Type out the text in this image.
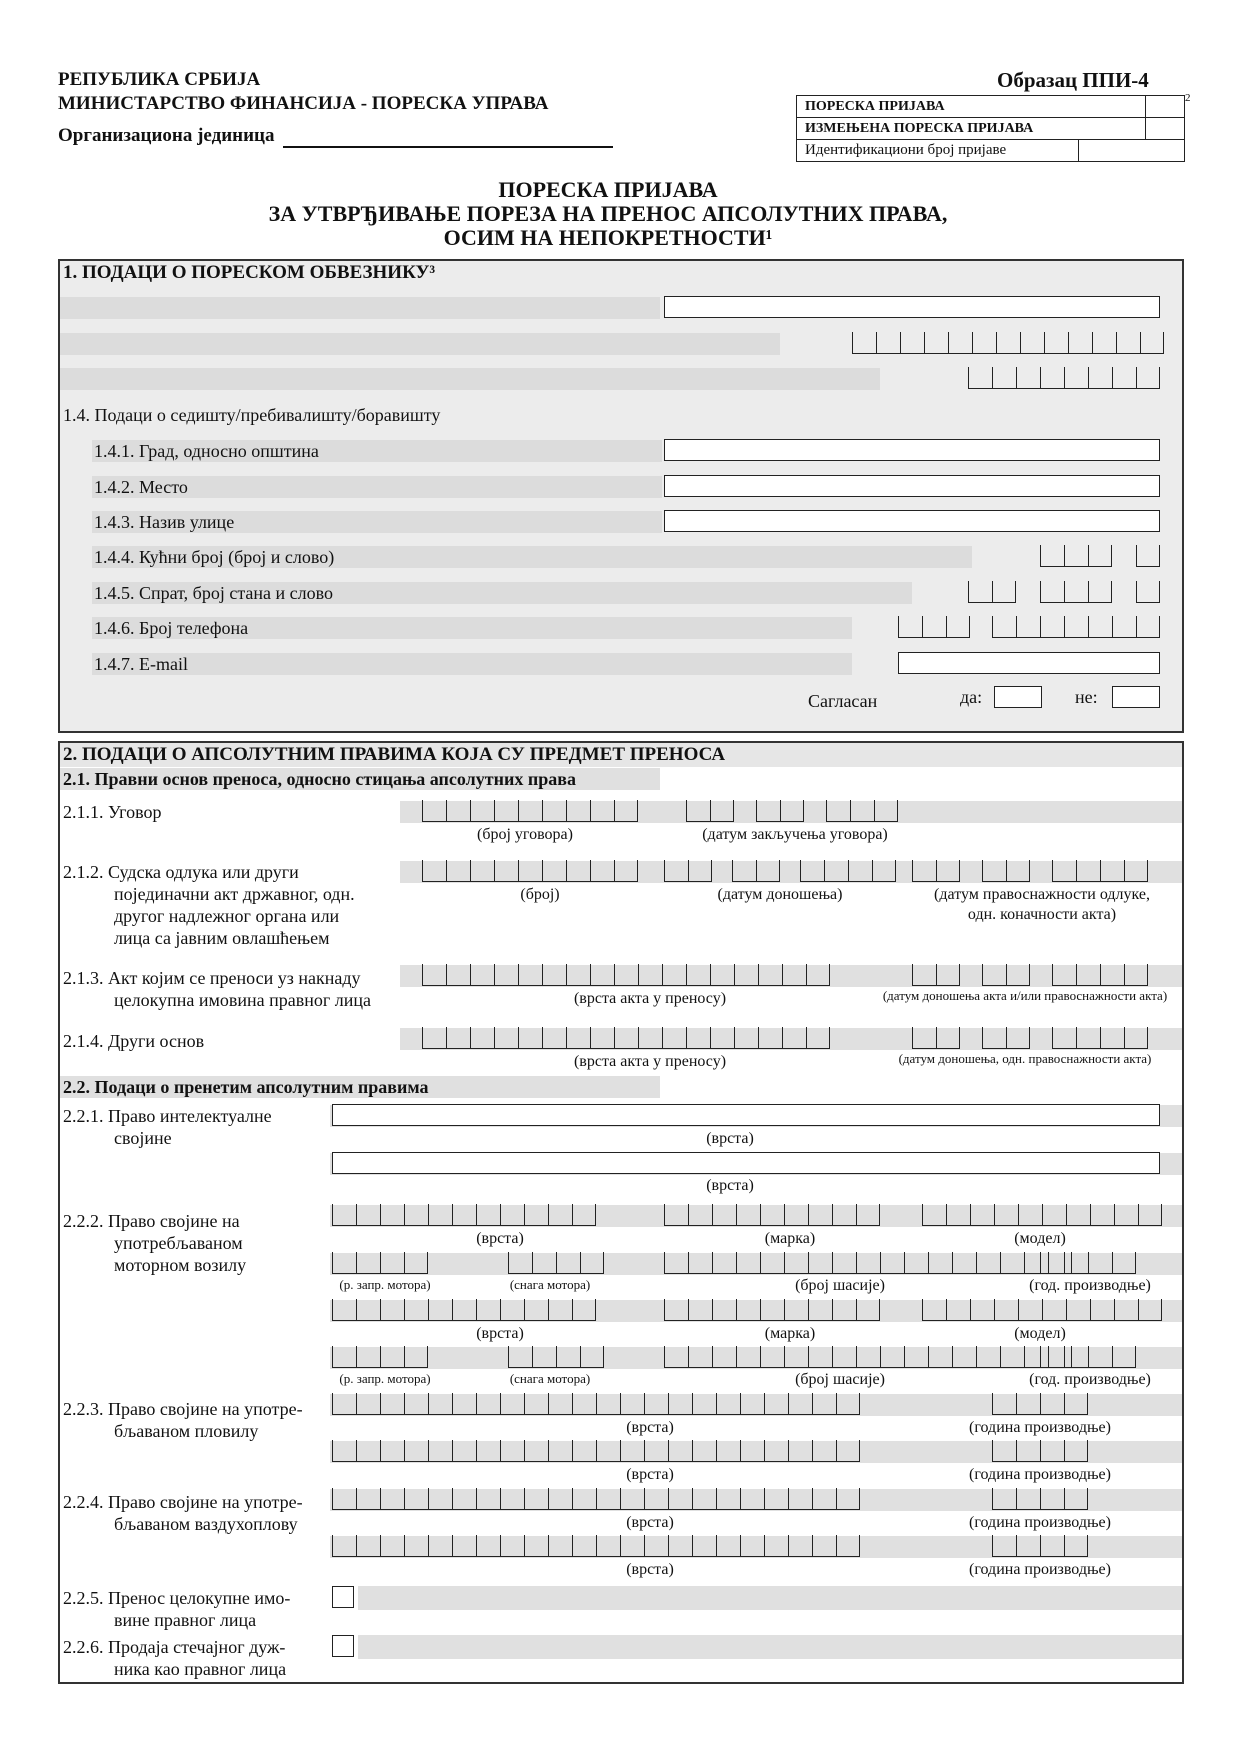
РЕПУБЛИКА СРБИЈА
МИНИСТАРСТВО ФИНАНСИЈА - ПОРЕСКА УПРАВА
Организациона јединица
Образац ППИ-4
2
ПОРЕСКА ПРИЈАВА
ИЗМЕЊЕНА ПОРЕСКА ПРИЈАВА
Идентификациони број пријаве
ПОРЕСКА ПРИЈАВА
ЗА УТВРЂИВАЊЕ ПОРЕЗА НА ПРЕНОС АПСОЛУТНИХ ПРАВА,
ОСИМ НА НЕПОКРЕТНОСТИ¹
1. ПОДАЦИ О ПОРЕСКОМ ОБВЕЗНИКУ³
1.4. Подаци о седишту/пребивалишту/боравишту
1.4.1. Град, односно општина
1.4.2. Место
1.4.3. Назив улице
1.4.4. Кућни број (број и слово)
1.4.5. Спрат, број стана и слово
1.4.6. Број телефона
1.4.7. E-mail
Сагласан	да:	не:
2. ПОДАЦИ О АПСОЛУТНИМ ПРАВИМА КОЈА СУ ПРЕДМЕТ ПРЕНОСА
2.1. Правни основ преноса, односно стицања апсолутних права
2.1.1. Уговор
(број уговора)	(датум закључења уговора)
2.1.2. Судска одлука или други
појединачни акт државног, одн.
другог надлежног органа или
лица са јавним овлашћењем
(број)	(датум доношења)	(датум правоснажности одлуке,
одн. коначности акта)
2.1.3. Акт којим се преноси уз накнаду
целокупна имовина правног лица	(врста акта у преносу)	(датум доношења акта и/или правоснажности акта)
2.1.4. Други основ
(врста акта у преносу)	(датум доношења, одн. правоснажности акта)
2.2. Подаци о пренетим апсолутним правима
2.2.1. Право интелектуалне
својине	(врста)
(врста)
2.2.2. Право својине на
употребљаваном
моторном возилу
(врста)	(марка)	(модел)
(р. запр. мотора)	(снага мотора)	(број шасије)	(год. производње)
(врста)	(марка)	(модел)
(р. запр. мотора)	(снага мотора)	(број шасије)	(год. производње)
2.2.3. Право својине на употре-
бљаваном пловилу	(врста)	(година производње)
(врста)	(година производње)
2.2.4. Право својине на употре-
бљаваном ваздухоплову	(врста)	(година производње)
(врста)	(година производње)
2.2.5. Пренос целокупне имо-
вине правног лица
2.2.6. Продаја стечајног дуж-
ника као правног лица
